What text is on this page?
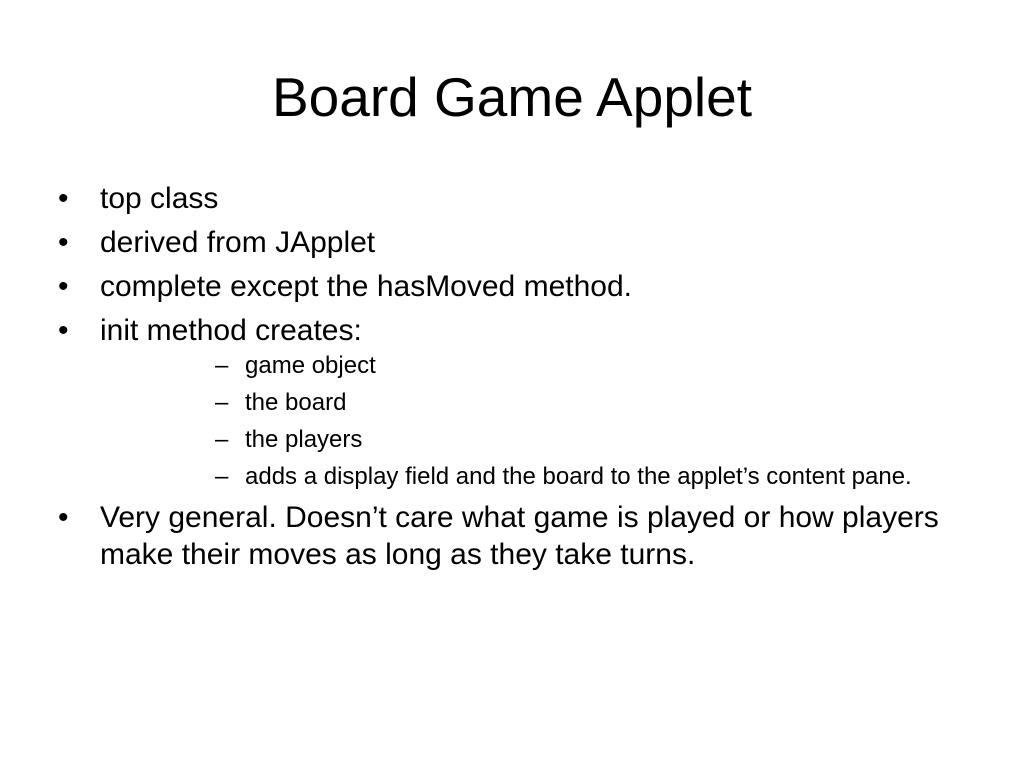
Board Game Applet
• top class
• derived from JApplet
• complete except the hasMoved method.
• init method creates:
– game object
– the board
– the players
– adds a display field and the board to the applet’s content pane.
• Very general. Doesn’t care what game is played or how players make their moves as long as they take turns.
